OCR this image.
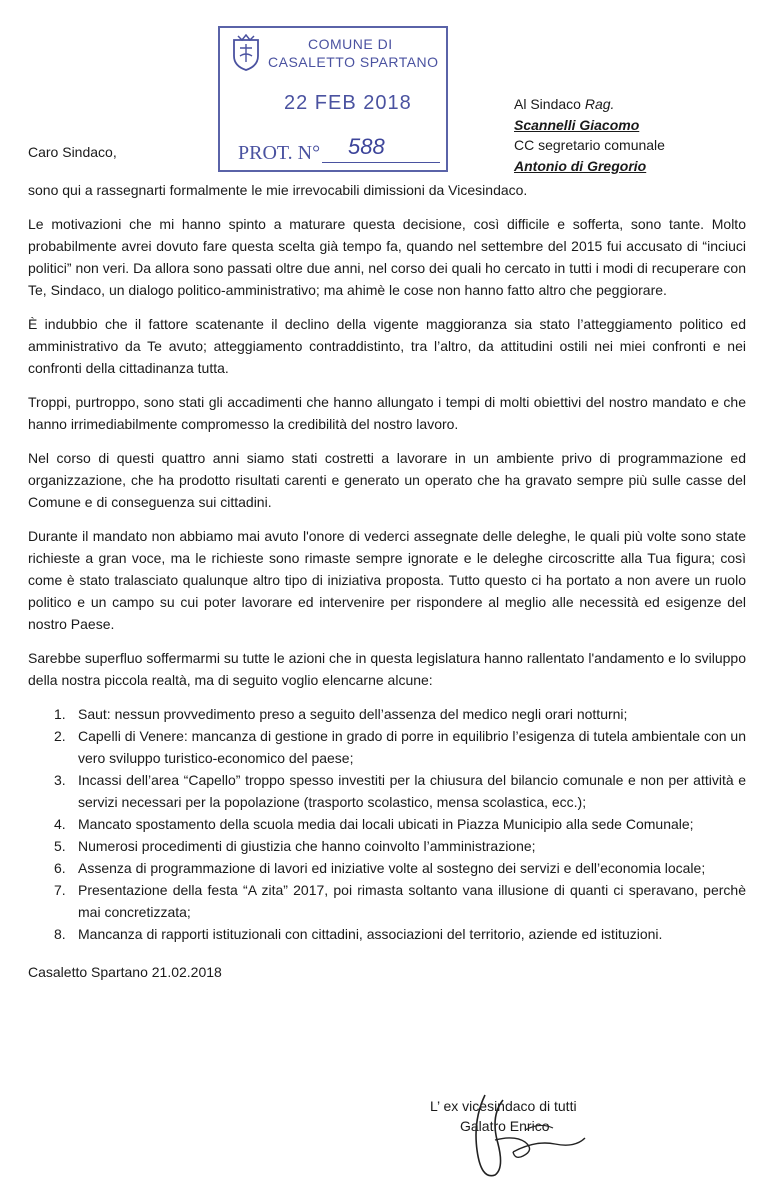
COMUNE DI
CASALETTO SPARTANO
22 FEB 2018
PROT. N° 588
Al Sindaco Rag.
Scannelli Giacomo
CC segretario comunale
Antonio di Gregorio
Caro Sindaco,

sono qui a rassegnarti formalmente le mie irrevocabili dimissioni da Vicesindaco.

Le motivazioni che mi hanno spinto a maturare questa decisione, così difficile e sofferta, sono tante. Molto probabilmente avrei dovuto fare questa scelta già tempo fa, quando nel settembre del 2015 fui accusato di “inciuci politici” non veri. Da allora sono passati oltre due anni, nel corso dei quali ho cercato in tutti i modi di recuperare con Te, Sindaco, un dialogo politico-amministrativo; ma ahimè le cose non hanno fatto altro che peggiorare.

È indubbio che il fattore scatenante il declino della vigente maggioranza sia stato l’atteggiamento politico ed amministrativo da Te avuto; atteggiamento contraddistinto, tra l’altro, da attitudini ostili nei miei confronti e nei confronti della cittadinanza tutta.

Troppi, purtroppo, sono stati gli accadimenti che hanno allungato i tempi di molti obiettivi del nostro mandato e che hanno irrimediabilmente compromesso la credibilità del nostro lavoro.

Nel corso di questi quattro anni siamo stati costretti a lavorare in un ambiente privo di programmazione ed organizzazione, che ha prodotto risultati carenti e generato un operato che ha gravato sempre più sulle casse del Comune e di conseguenza sui cittadini.

Durante il mandato non abbiamo mai avuto l'onore di vederci assegnate delle deleghe, le quali più volte sono state richieste a gran voce, ma le richieste sono rimaste sempre ignorate e le deleghe circoscritte alla Tua figura; così come è stato tralasciato qualunque altro tipo di iniziativa proposta. Tutto questo ci ha portato a non avere un ruolo politico e un campo su cui poter lavorare ed intervenire per rispondere al meglio alle necessità ed esigenze del nostro Paese.

Sarebbe superfluo soffermarmi su tutte le azioni che in questa legislatura hanno rallentato l'andamento e lo sviluppo della nostra piccola realtà, ma di seguito voglio elencarne alcune:

1. Saut: nessun provvedimento preso a seguito dell’assenza del medico negli orari notturni;
2. Capelli di Venere: mancanza di gestione in grado di porre in equilibrio l’esigenza di tutela ambientale con un vero sviluppo turistico-economico del paese;
3. Incassi dell’area “Capello” troppo spesso investiti per la chiusura del bilancio comunale e non per attività e servizi necessari per la popolazione (trasporto scolastico, mensa scolastica, ecc.);
4. Mancato spostamento della scuola media dai locali ubicati in Piazza Municipio alla sede Comunale;
5. Numerosi procedimenti di giustizia che hanno coinvolto l’amministrazione;
6. Assenza di programmazione di lavori ed iniziative volte al sostegno dei servizi e dell’economia locale;
7. Presentazione della festa “A zita” 2017, poi rimasta soltanto vana illusione di quanti ci speravano, perchè mai concretizzata;
8. Mancanza di rapporti istituzionali con cittadini, associazioni del territorio, aziende ed istituzioni.
Casaletto Spartano 21.02.2018
L’ ex vicesindaco di tutti
Galatro Enrico
